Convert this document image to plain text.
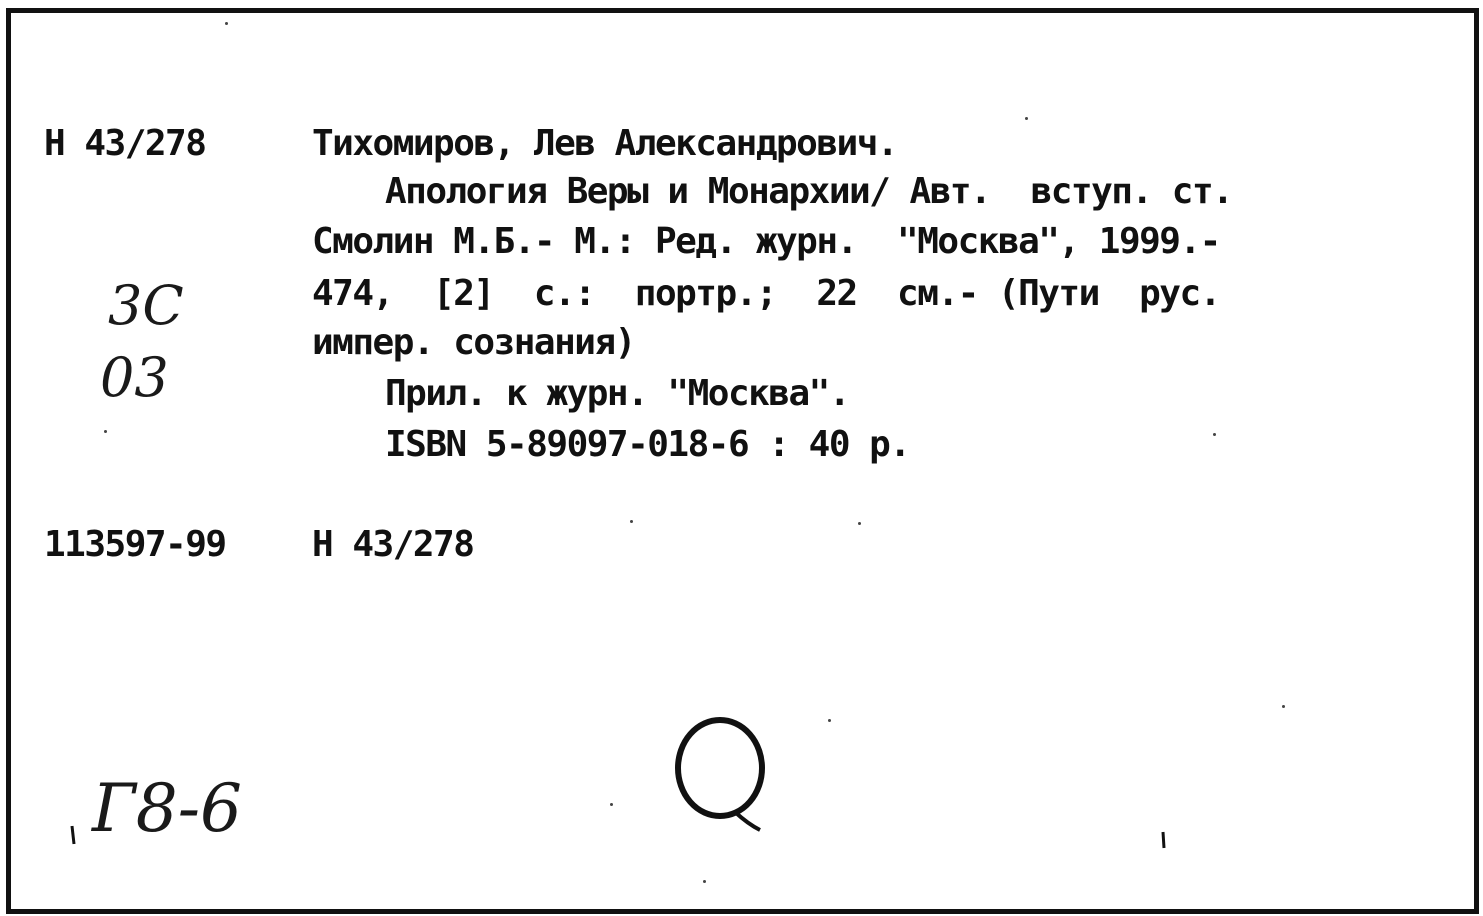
Н 43/278	Тихомиров, Лев Александрович.
Апология Веры и Монархии/ Авт.  вступ. ст.
Смолин М.Б.- М.: Ред. журн.  "Москва", 1999.-
474,  [2]  с.:  портр.;  22  см.- (Пути  рус.
импер. сознания)
Прил. к журн. "Москва".
ISBN 5-89097-018-6 : 40 р.
113597-99 Н 43/278
3С
03
Г8-6
